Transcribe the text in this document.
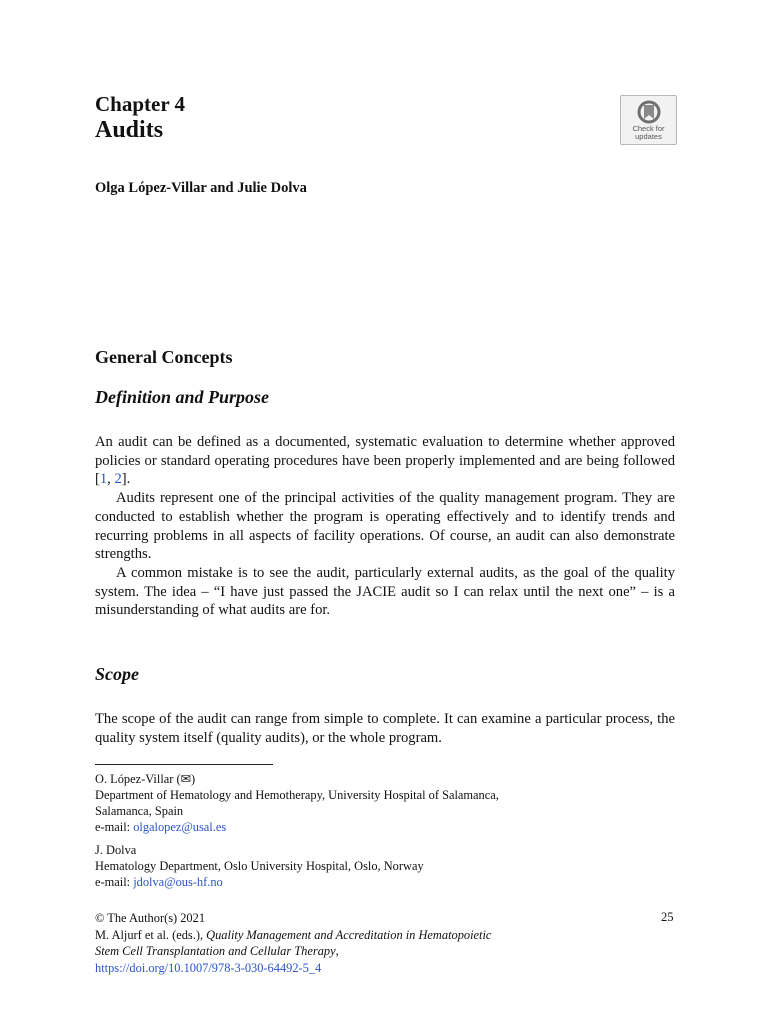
Chapter 4
Audits
Olga López-Villar and Julie Dolva
Check for
updates
General Concepts
Definition and Purpose

An audit can be defined as a documented, systematic evaluation to determine whether approved policies or standard operating procedures have been properly implemented and are being followed [1, 2].

Audits represent one of the principal activities of the quality management program. They are conducted to establish whether the program is operating effectively and to identify trends and recurring problems in all aspects of facility operations. Of course, an audit can also demonstrate strengths.

A common mistake is to see the audit, particularly external audits, as the goal of the quality system. The idea – “I have just passed the JACIE audit so I can relax until the next one” – is a misunderstanding of what audits are for.

Scope

The scope of the audit can range from simple to complete. It can examine a particular process, the quality system itself (quality audits), or the whole program.

O. López-Villar (✉)
Department of Hematology and Hemotherapy, University Hospital of Salamanca,
Salamanca, Spain
e-mail: olgalopez@usal.es
J. Dolva
Hematology Department, Oslo University Hospital, Oslo, Norway
e-mail: jdolva@ous-hf.no
© The Author(s) 2021
M. Aljurf et al. (eds.), Quality Management and Accreditation in Hematopoietic
Stem Cell Transplantation and Cellular Therapy,
https://doi.org/10.1007/978-3-030-64492-5_4
25
